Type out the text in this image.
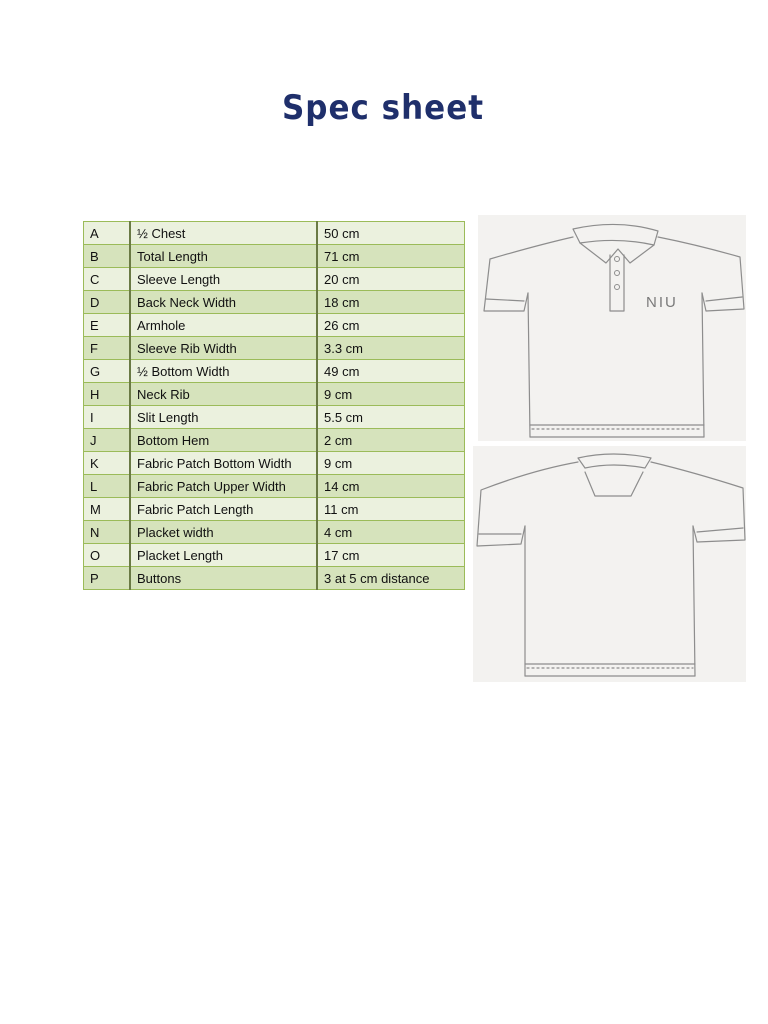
Spec sheet
A	½ Chest	50 cm
B	Total Length	71 cm
C	Sleeve Length	20 cm
D	Back Neck Width	18 cm
E	Armhole	26 cm
F	Sleeve Rib Width	3.3 cm
G	½ Bottom Width	49 cm
H	Neck Rib	9 cm
I	Slit Length	5.5 cm
J	Bottom Hem	2 cm
K	Fabric Patch Bottom Width	9 cm
L	Fabric Patch Upper Width	14 cm
M	Fabric Patch Length	11 cm
N	Placket width	4 cm
O	Placket Length	17 cm
P	Buttons	3 at 5 cm distance
NIU
